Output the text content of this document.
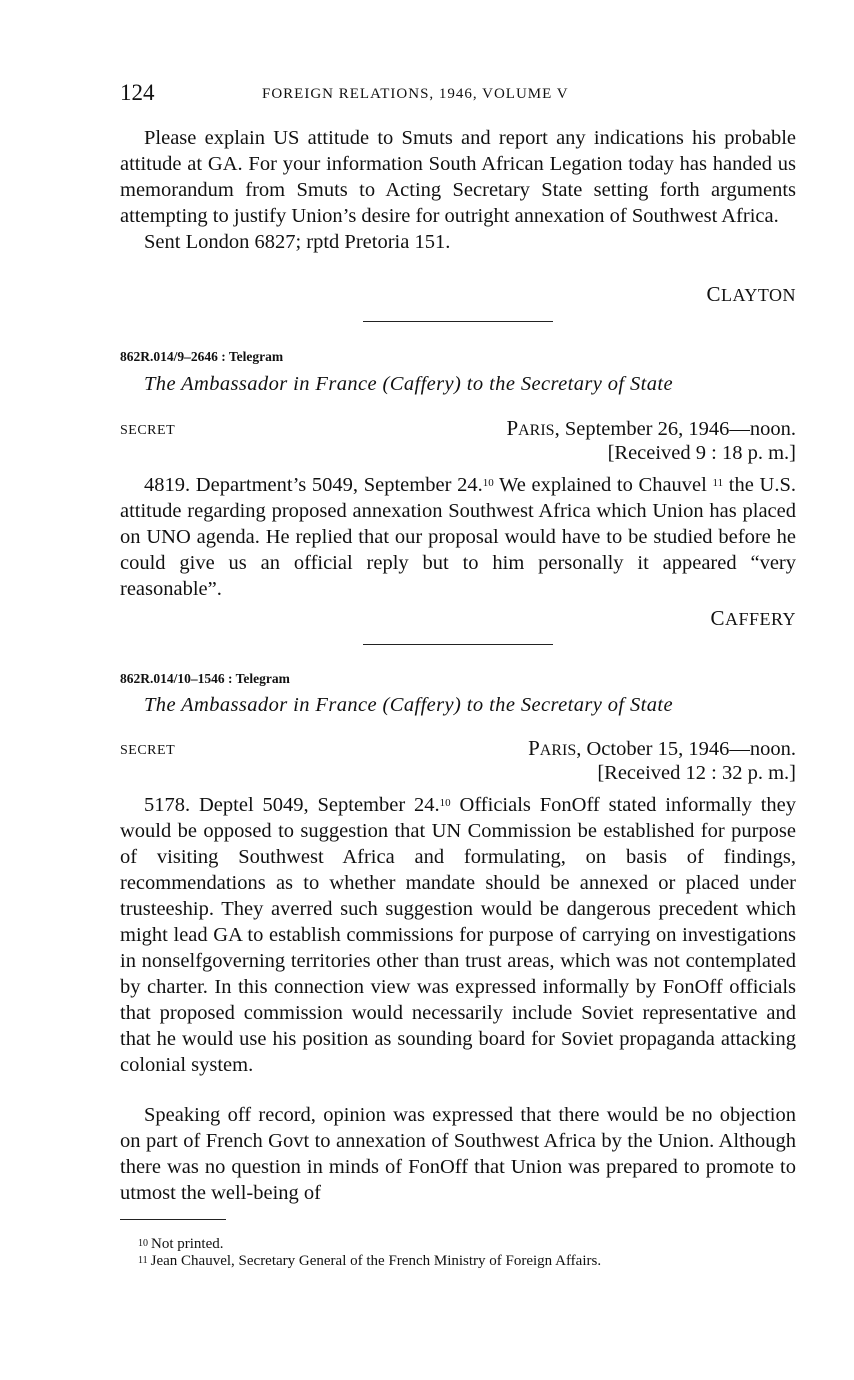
124	FOREIGN RELATIONS, 1946, VOLUME V

Please explain US attitude to Smuts and report any indications his probable attitude at GA. For your information South African Legation today has handed us memorandum from Smuts to Acting Secretary State setting forth arguments attempting to justify Union’s desire for outright annexation of Southwest Africa.

Sent London 6827; rptd Pretoria 151.

CLAYTON
862R.014/9–2646 : Telegram
The Ambassador in France (Caffery) to the Secretary of State
SECRET	PARIS, September 26, 1946—noon.
[Received 9 : 18 p. m.]

4819. Department’s 5049, September 24.10 We explained to Chauvel $^{11}$ the U.S. attitude regarding proposed annexation Southwest Africa which Union has placed on UNO agenda. He replied that our proposal would have to be studied before he could give us an official reply but to him personally it appeared “very reasonable”.

CAFFERY
862R.014/10–1546 : Telegram
The Ambassador in France (Caffery) to the Secretary of State
SECRET	PARIS, October 15, 1946—noon.
[Received 12 : 32 p. m.]

5178. Deptel 5049, September 24.10 Officials FonOff stated informally they would be opposed to suggestion that UN Commission be established for purpose of visiting Southwest Africa and formulating, on basis of findings, recommendations as to whether mandate should be annexed or placed under trusteeship. They averred such suggestion would be dangerous precedent which might lead GA to establish commissions for purpose of carrying on investigations in nonselfgoverning territories other than trust areas, which was not contemplated by charter. In this connection view was expressed informally by FonOff officials that proposed commission would necessarily include Soviet representative and that he would use his position as sounding board for Soviet propaganda attacking colonial system.

Speaking off record, opinion was expressed that there would be no objection on part of French Govt to annexation of Southwest Africa by the Union. Although there was no question in minds of FonOff that Union was prepared to promote to utmost the well-being of

$^{10}$ Not printed.
$^{11}$ Jean Chauvel, Secretary General of the French Ministry of Foreign Affairs.
